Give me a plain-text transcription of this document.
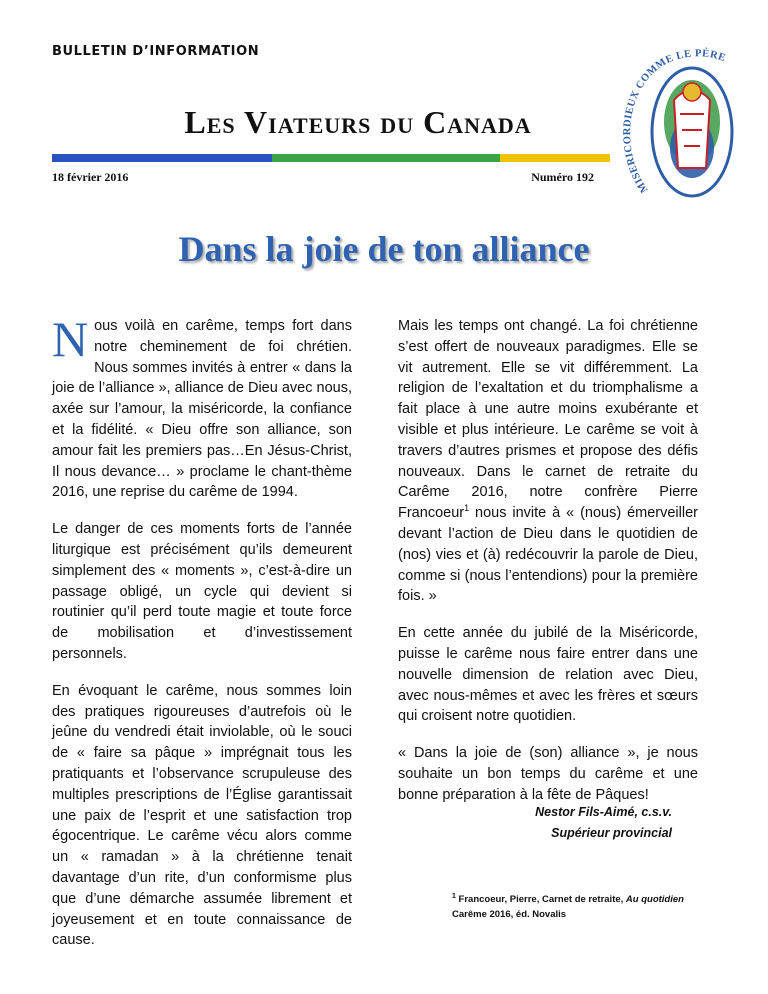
BULLETIN D’INFORMATION
Les Viateurs du Canada
18 février 2016	Numéro 192
MISERICORDIEUX COMME LE PÈRE
Dans la joie de ton alliance

Nous voilà en carême, temps fort dans notre cheminement de foi chrétien. Nous sommes invités à entrer « dans la joie de l’alliance », alliance de Dieu avec nous, axée sur l’amour, la miséricorde, la confiance et la fidélité. « Dieu offre son alliance, son amour fait les premiers pas…En Jésus-Christ, Il nous devance… » proclame le chant-thème 2016, une reprise du carême de 1994.

Le danger de ces moments forts de l’année liturgique est précisément qu’ils demeurent simplement des « moments », c’est-à-dire un passage obligé, un cycle qui devient si routinier qu’il perd toute magie et toute force de mobilisation et d’investissement personnels.

En évoquant le carême, nous sommes loin des pratiques rigoureuses d’autrefois où le jeûne du vendredi était inviolable, où le souci de « faire sa pâque » imprégnait tous les pratiquants et l’observance scrupuleuse des multiples prescriptions de l’Église garantissait une paix de l’esprit et une satisfaction trop égocentrique. Le carême vécu alors comme un « ramadan » à la chrétienne tenait davantage d’un rite, d’un conformisme plus que d’une démarche assumée librement et joyeusement et en toute connaissance de cause.

Mais les temps ont changé. La foi chrétienne s’est offert de nouveaux paradigmes. Elle se vit autrement. Elle se vit différemment. La religion de l’exaltation et du triomphalisme a fait place à une autre moins exubérante et visible et plus intérieure. Le carême se voit à travers d’autres prismes et propose des défis nouveaux. Dans le carnet de retraite du Carême 2016, notre confrère Pierre Francoeur$^1$ nous invite à « (nous) émerveiller devant l’action de Dieu dans le quotidien de (nos) vies et (à) redécouvrir la parole de Dieu, comme si (nous l’entendions) pour la première fois. »

En cette année du jubilé de la Miséricorde, puisse le carême nous faire entrer dans une nouvelle dimension de relation avec Dieu, avec nous-mêmes et avec les frères et sœurs qui croisent notre quotidien.

« Dans la joie de (son) alliance », je nous souhaite un bon temps du carême et une bonne préparation à la fête de Pâques!

Nestor Fils-Aimé, c.s.v.
Supérieur provincial
$^1$ Francoeur, Pierre, Carnet de retraite, Au quotidien
Carême 2016, éd. Novalis
